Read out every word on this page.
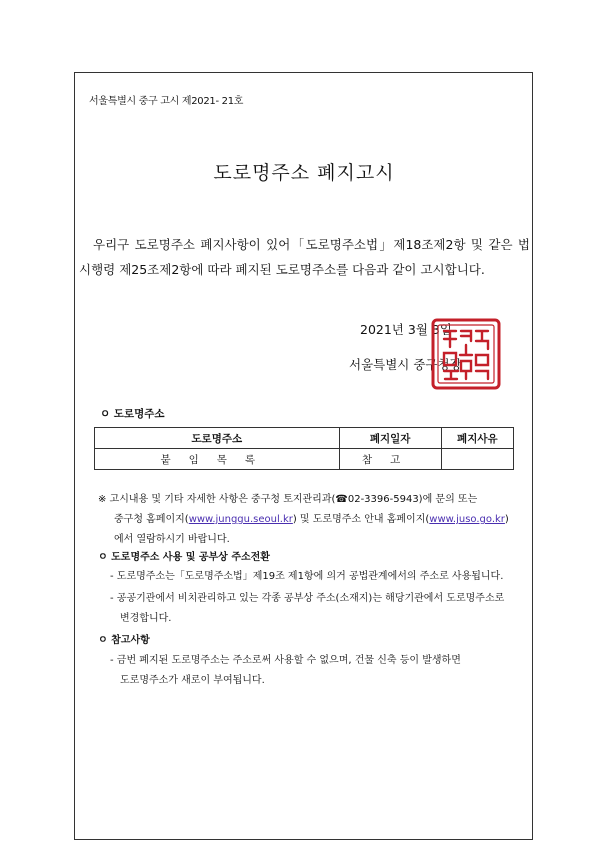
서울특별시 중구 고시 제2021- 21호
도로명주소 폐지고시
우리구 도로명주소 폐지사항이 있어「도로명주소법」제18조제2항 및 같은 법 시행령 제25조제2항에 따라 폐지된 도로명주소를 다음과 같이 고시합니다.
2021년 3월 3일
서울특별시 중구청장
ㅇ 도로명주소
도로명주소	폐지일자	폐지사유
붙임목록	참고	
※ 고시내용 및 기타 자세한 사항은 중구청 토지관리과(☎02-3396-5943)에 문의 또는
중구청 홈페이지(www.junggu.seoul.kr) 및 도로명주소 안내 홈페이지(www.juso.go.kr)
에서 열람하시기 바랍니다.
ㅇ 도로명주소 사용 및 공부상 주소전환
- 도로명주소는「도로명주소법」제19조 제1항에 의거 공법관계에서의 주소로 사용됩니다.
- 공공기관에서 비치관리하고 있는 각종 공부상 주소(소재지)는 해당기관에서 도로명주소로
변경합니다.
ㅇ 참고사항
- 금번 폐지된 도로명주소는 주소로써 사용할 수 없으며, 건물 신축 등이 발생하면
도로명주소가 새로이 부여됩니다.
